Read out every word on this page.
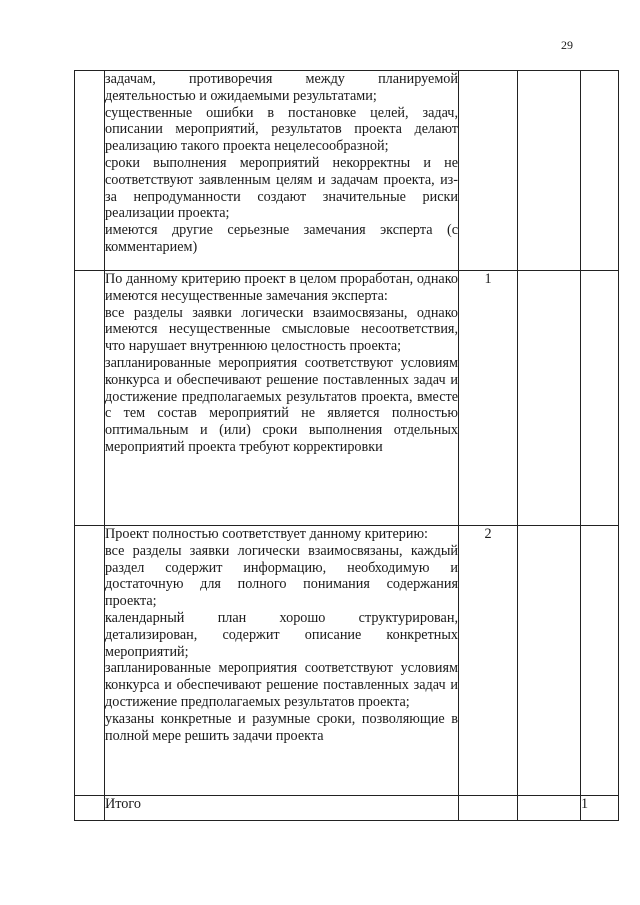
29

	задачам, противоречия между планируемой деятельностью и ожидаемыми результатами;

существенные ошибки в постановке целей, задач, описании мероприятий, результатов проекта делают реализацию такого проекта нецелесообразной;

сроки выполнения мероприятий некорректны и не соответствуют заявленным целям и задачам проекта, из-за непродуманности создают значительные риски реализации проекта;

имеются другие серьезные замечания эксперта (с комментарием)			

	По данному критерию проект в целом проработан, однако имеются несущественные замечания эксперта:

все разделы заявки логически взаимосвязаны, однако имеются несущественные смысловые несоответствия, что нарушает внутреннюю целостность проекта;

запланированные мероприятия соответствуют условиям конкурса и обеспечивают решение поставленных задач и достижение предполагаемых результатов проекта, вместе с тем состав мероприятий не является полностью оптимальным и (или) сроки выполнения отдельных мероприятий проекта требуют корректировки	1		

	Проект полностью соответствует данному критерию:

все разделы заявки логически взаимосвязаны, каждый раздел содержит информацию, необходимую и достаточную для полного понимания содержания проекта;

календарный план хорошо структурирован, детализирован, содержит описание конкретных мероприятий;

запланированные мероприятия соответствуют условиям конкурса и обеспечивают решение поставленных задач и достижение предполагаемых результатов проекта;

указаны конкретные и разумные сроки, позволяющие в полной мере решить задачи проекта	2		
	Итого			1
